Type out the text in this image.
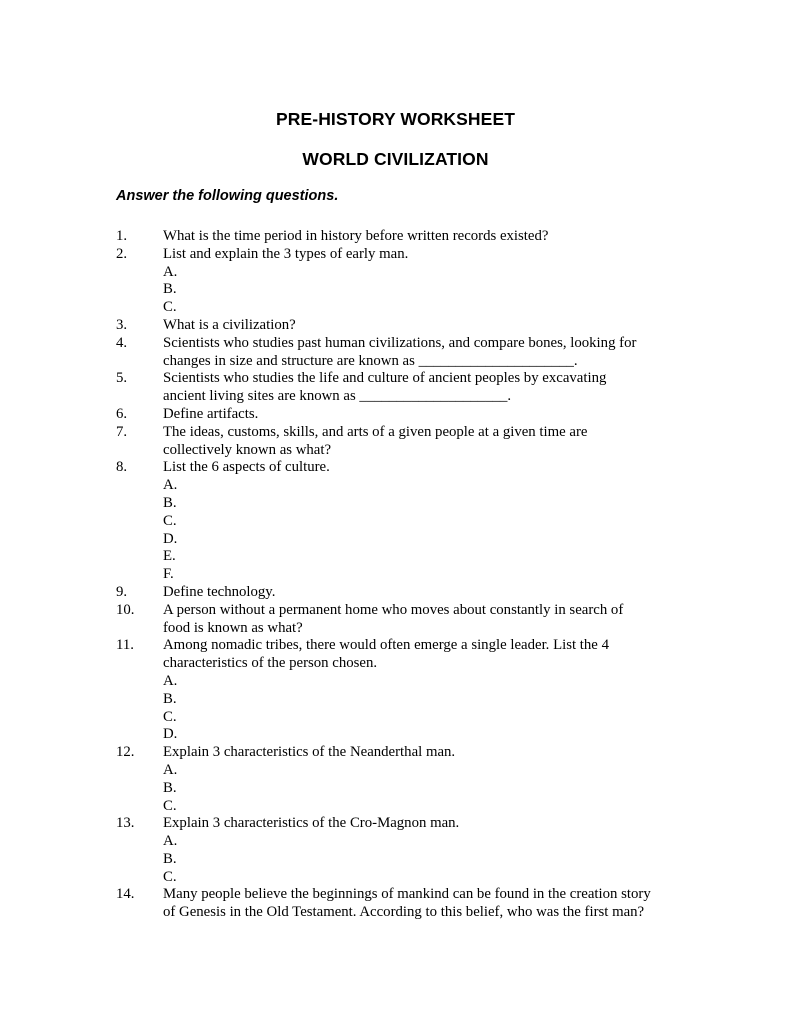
PRE-HISTORY WORKSHEET
WORLD CIVILIZATION
Answer the following questions.
1.	What is the time period in history before written records existed?
2.	List and explain the 3 types of early man.
A.
B.
C.
3.	What is a civilization?
4.	Scientists who studies past human civilizations, and compare bones, looking for
changes in size and structure are known as _____________________.
5.	Scientists who studies the life and culture of ancient peoples by excavating
ancient living sites are known as ____________________.
6.	Define artifacts.
7.	The ideas, customs, skills, and arts of a given people at a given time are
collectively known as what?
8.	List the 6 aspects of culture.
A.
B.
C.
D.
E.
F.
9.	Define technology.
10.	A person without a permanent home who moves about constantly in search of
food is known as what?
11.	Among nomadic tribes, there would often emerge a single leader. List the 4
characteristics of the person chosen.
A.
B.
C.
D.
12.	Explain 3 characteristics of the Neanderthal man.
A.
B.
C.
13.	Explain 3 characteristics of the Cro-Magnon man.
A.
B.
C.
14.	Many people believe the beginnings of mankind can be found in the creation story
of Genesis in the Old Testament. According to this belief, who was the first man?
